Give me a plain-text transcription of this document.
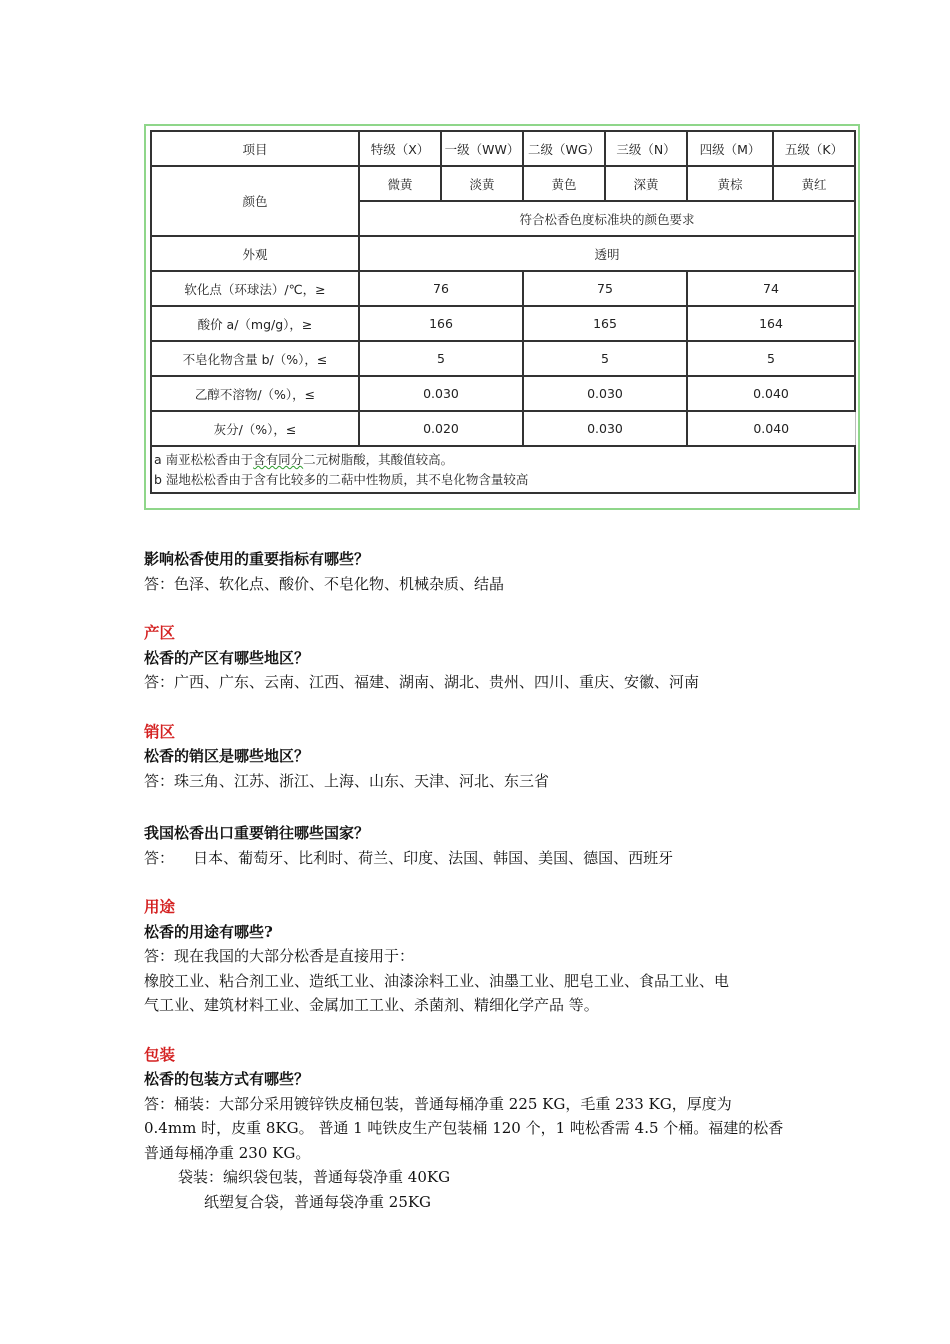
项目	特级（X）	一级（WW）	二级（WG）	三级（N）	四级（M）	五级（K）
颜色	微黄	淡黄	黄色	深黄	黄棕	黄红
	符合松香色度标准块的颜色要求					
外观	透明					
软化点（环球法）/℃，≥	76		75		74	
酸价 a/（mg/g），≥	166		165		164	
不皂化物含量 b/（%），≤	5		5		5	
乙醇不溶物/（%），≤	0.030		0.030		0.040	
灰分/（%），≤	0.020		0.030		0.040	

a 南亚松松香由于含有同分二元树脂酸，其酸值较高。
b 湿地松松香由于含有比较多的二萜中性物质，其不皂化物含量较高						
影响松香使用的重要指标有哪些？
答：色泽、软化点、酸价、不皂化物、机械杂质、结晶
产区
松香的产区有哪些地区？
答：广西、广东、云南、江西、福建、湖南、湖北、贵州、四川、重庆、安徽、河南
销区
松香的销区是哪些地区？
答：珠三角、江苏、浙江、上海、山东、天津、河北、东三省
我国松香出口重要销往哪些国家？
答：    日本、葡萄牙、比利时、荷兰、印度、法国、韩国、美国、德国、西班牙
用途
松香的用途有哪些?
答：现在我国的大部分松香是直接用于：
橡胶工业、粘合剂工业、造纸工业、油漆涂料工业、油墨工业、肥皂工业、食品工业、电
气工业、建筑材料工业、金属加工工业、杀菌剂、精细化学产品 等。
包装
松香的包装方式有哪些？
答：桶装：大部分采用镀锌铁皮桶包装，普通每桶净重 225 KG，毛重 233 KG，厚度为
0.4mm 时，皮重 8KG。 普通 1 吨铁皮生产包装桶 120 个，1 吨松香需 4.5 个桶。福建的松香
普通每桶净重 230 KG。
袋装：编织袋包装，普通每袋净重 40KG
纸塑复合袋，普通每袋净重 25KG
